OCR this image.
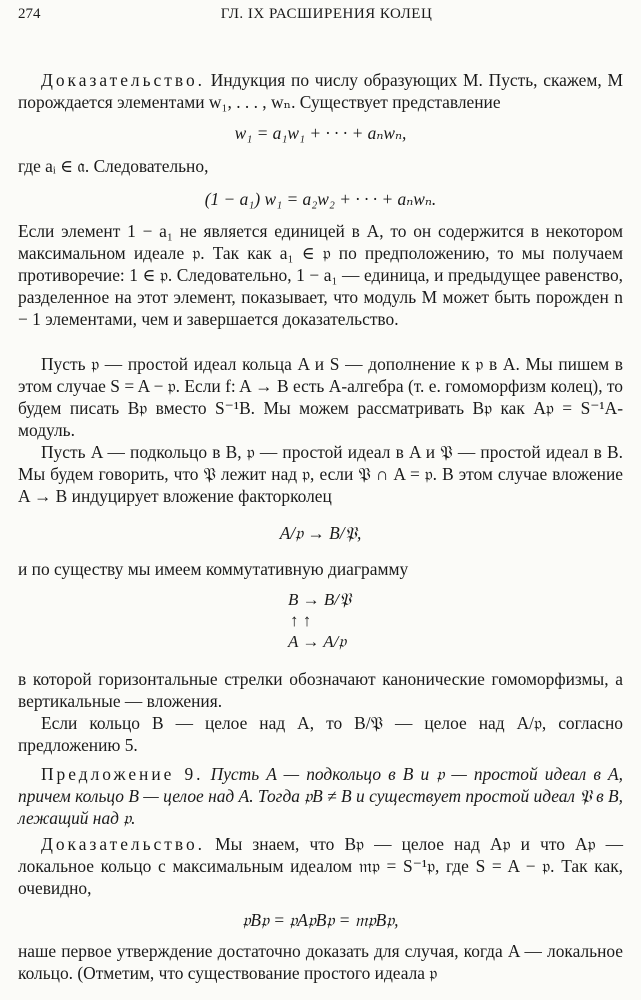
274	ГЛ. IX РАСШИРЕНИЯ КОЛЕЦ

Доказательство. Индукция по числу образующих M. Пусть, скажем, M порождается элементами w₁, . . . , wₙ. Существует представление

w₁ = a₁w₁ + · · · + aₙwₙ,

где aᵢ ∈ 𝔞. Следовательно,

(1 − a₁) w₁ = a₂w₂ + · · · + aₙwₙ.

Если элемент 1 − a₁ не является единицей в A, то он содержится в некотором максимальном идеале 𝔭. Так как a₁ ∈ 𝔭 по предположению, то мы получаем противоречие: 1 ∈ 𝔭. Следовательно, 1 − a₁ — единица, и предыдущее равенство, разделенное на этот элемент, показывает, что модуль M может быть порожден n − 1 элементами, чем и завершается доказательство.

Пусть 𝔭 — простой идеал кольца A и S — дополнение к 𝔭 в A. Мы пишем в этом случае S = A − 𝔭. Если f: A → B есть A-алгебра (т. е. гомоморфизм колец), то будем писать B𝔭 вместо S⁻¹B. Мы можем рассматривать B𝔭 как A𝔭 = S⁻¹A-модуль.

Пусть A — подкольцо в B, 𝔭 — простой идеал в A и 𝔓 — простой идеал в B. Мы будем говорить, что 𝔓 лежит над 𝔭, если 𝔓 ∩ A = 𝔭. В этом случае вложение A → B индуцирует вложение факторколец

A/𝔭 → B/𝔓,

и по существу мы имеем коммутативную диаграмму

B → B/𝔓
↑ ↑
A → A/𝔭

в которой горизонтальные стрелки обозначают канонические гомоморфизмы, а вертикальные — вложения.

Если кольцо B — целое над A, то B/𝔓 — целое над A/𝔭, согласно предложению 5.

Предложение 9. Пусть A — подкольцо в B и 𝔭 — простой идеал в A, причем кольцо B — целое над A. Тогда 𝔭B ≠ B и существует простой идеал 𝔓 в B, лежащий над 𝔭.

Доказательство. Мы знаем, что B𝔭 — целое над A𝔭 и что A𝔭 — локальное кольцо с максимальным идеалом 𝔪𝔭 = S⁻¹𝔭, где S = A − 𝔭. Так как, очевидно,

𝔭B𝔭 = 𝔭A𝔭B𝔭 = 𝔪𝔭B𝔭,

наше первое утверждение достаточно доказать для случая, когда A — локальное кольцо. (Отметим, что существование простого идеала 𝔭
